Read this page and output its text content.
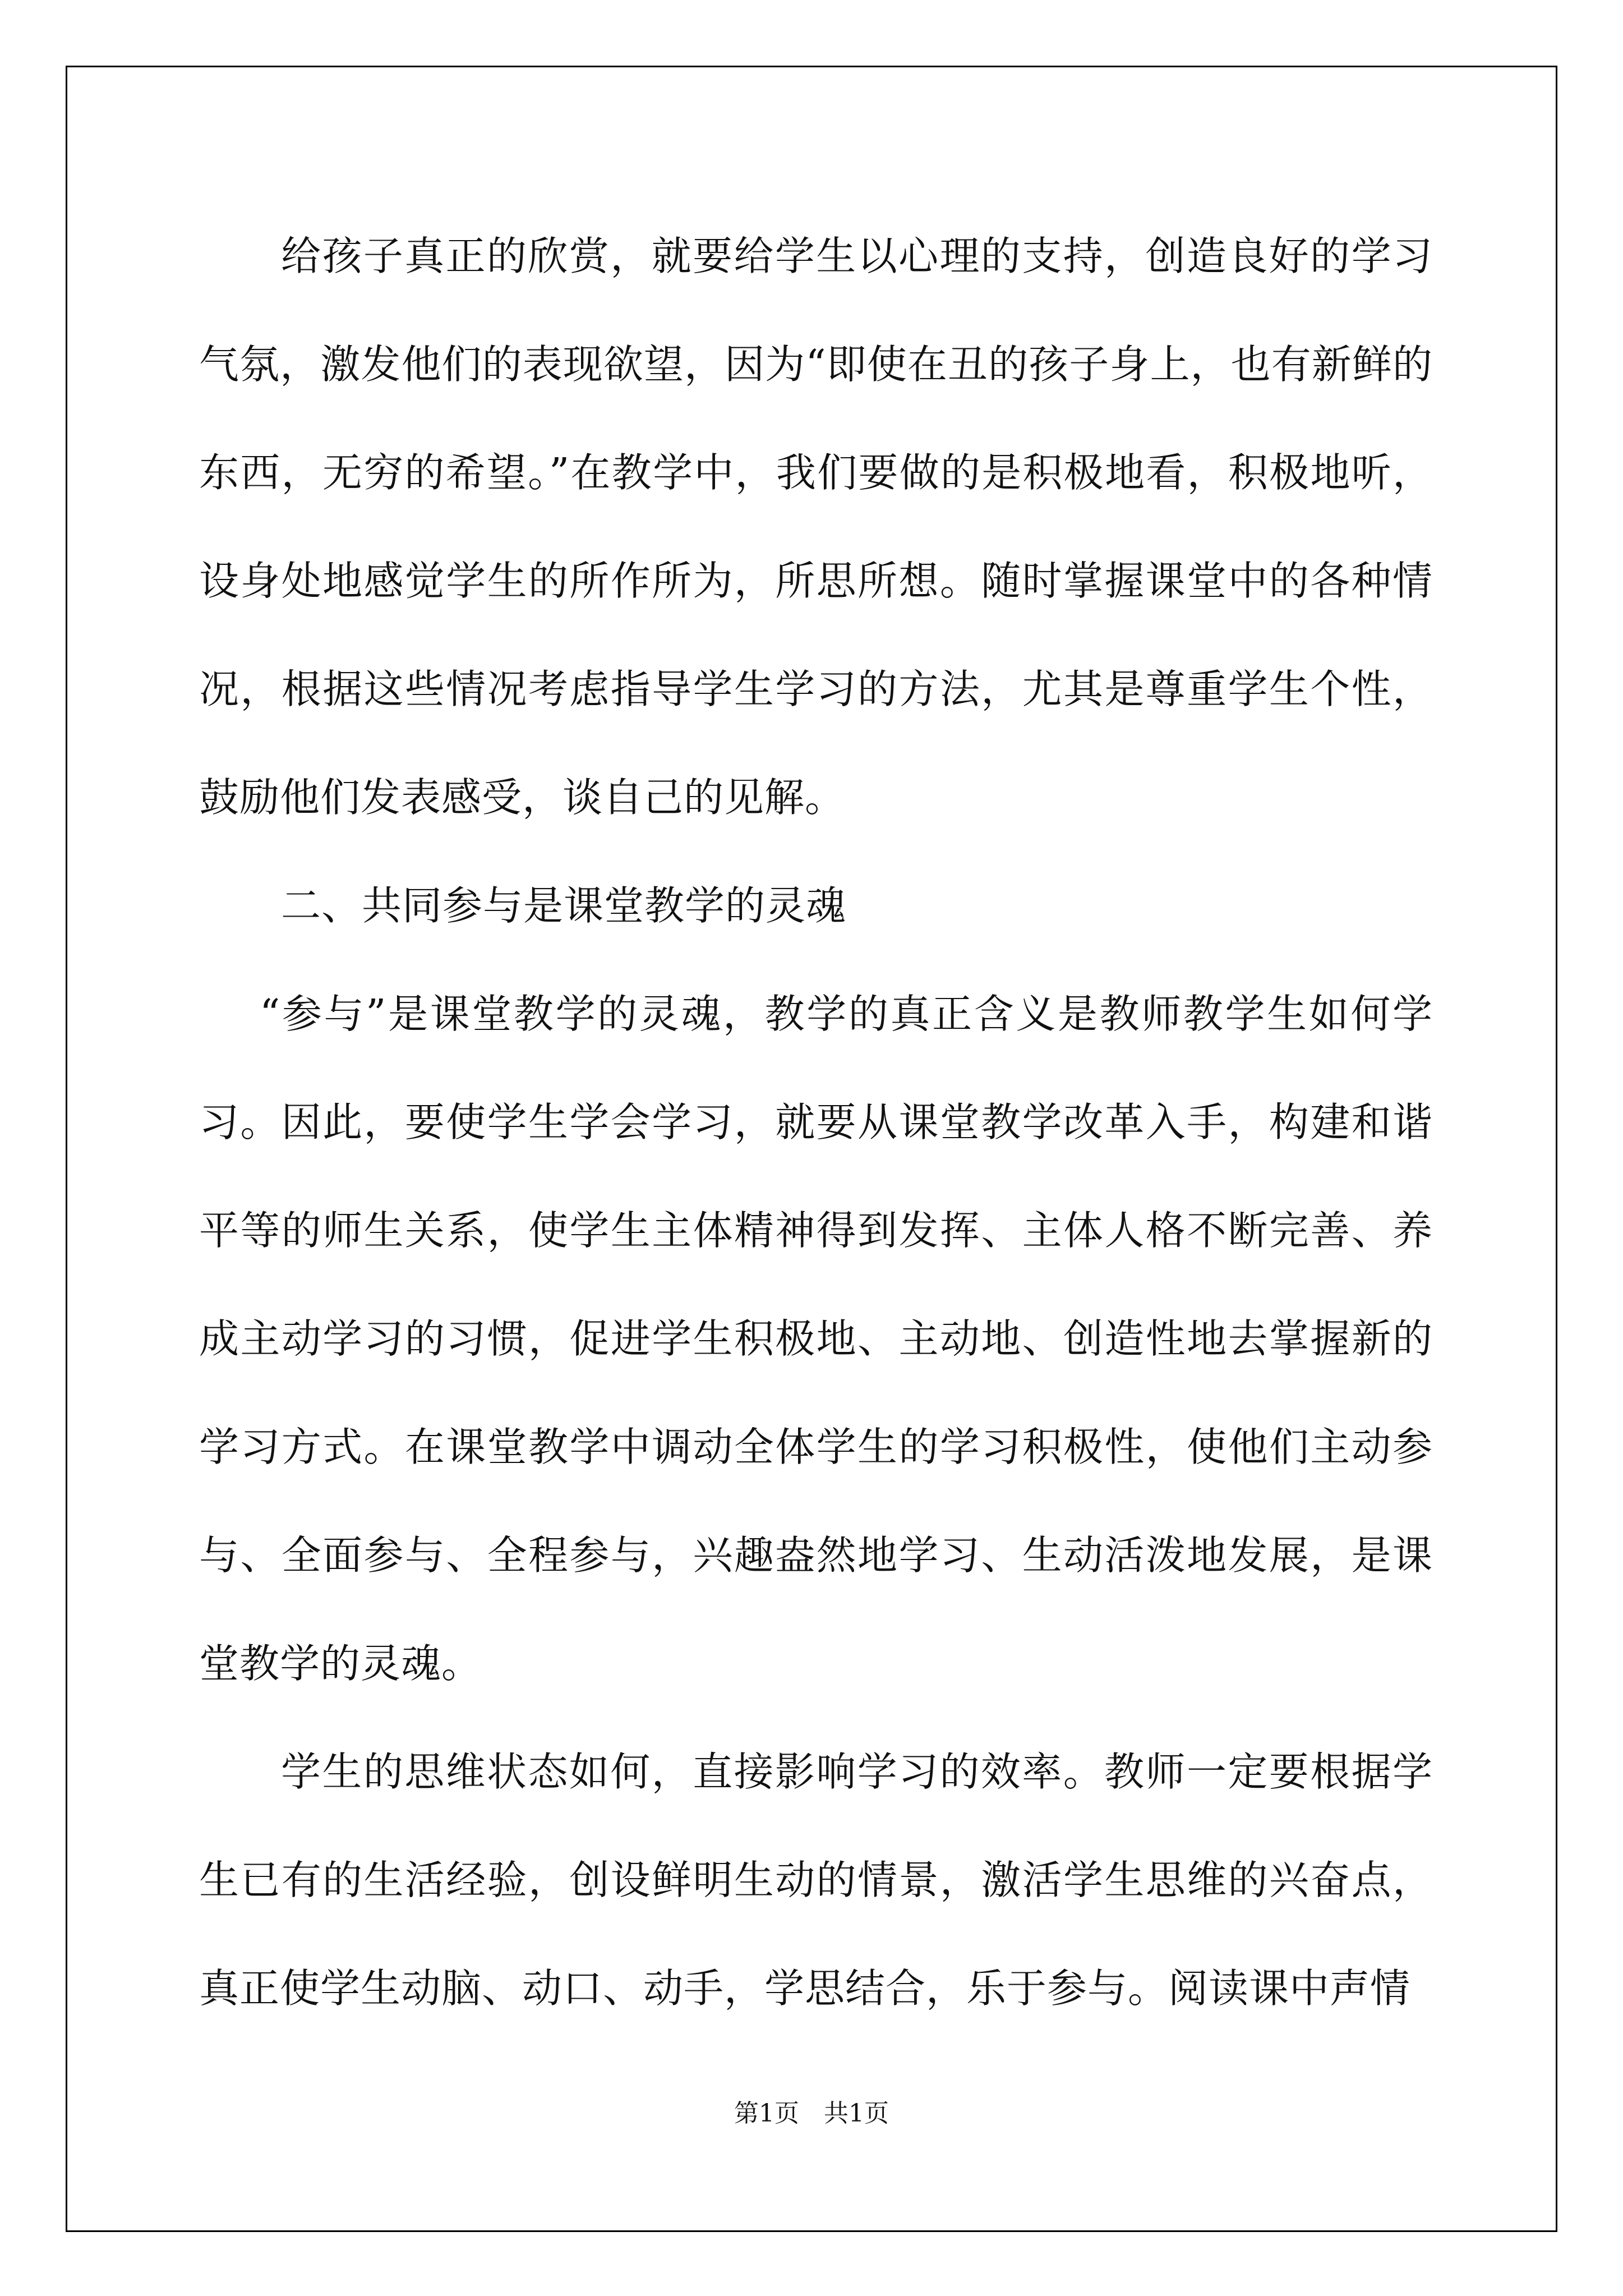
给孩子真正的欣赏，就要给学生以心理的支持，创造良好的学习气氛，激发他们的表现欲望，因为“即使在丑的孩子身上，也有新鲜的东西，无穷的希望。”在教学中，我们要做的是积极地看，积极地听，设身处地感觉学生的所作所为，所思所想。随时掌握课堂中的各种情况，根据这些情况考虑指导学生学习的方法，尤其是尊重学生个性，鼓励他们发表感受，谈自己的见解。

二、共同参与是课堂教学的灵魂

“参与”是课堂教学的灵魂，教学的真正含义是教师教学生如何学习。因此，要使学生学会学习，就要从课堂教学改革入手，构建和谐平等的师生关系，使学生主体精神得到发挥、主体人格不断完善、养成主动学习的习惯，促进学生积极地、主动地、创造性地去掌握新的学习方式。在课堂教学中调动全体学生的学习积极性，使他们主动参与、全面参与、全程参与，兴趣盎然地学习、生动活泼地发展，是课堂教学的灵魂。

学生的思维状态如何，直接影响学习的效率。教师一定要根据学生已有的生活经验，创设鲜明生动的情景，激活学生思维的兴奋点，真正使学生动脑、动口、动手，学思结合，乐于参与。阅读课中声情

第1页　共1页
